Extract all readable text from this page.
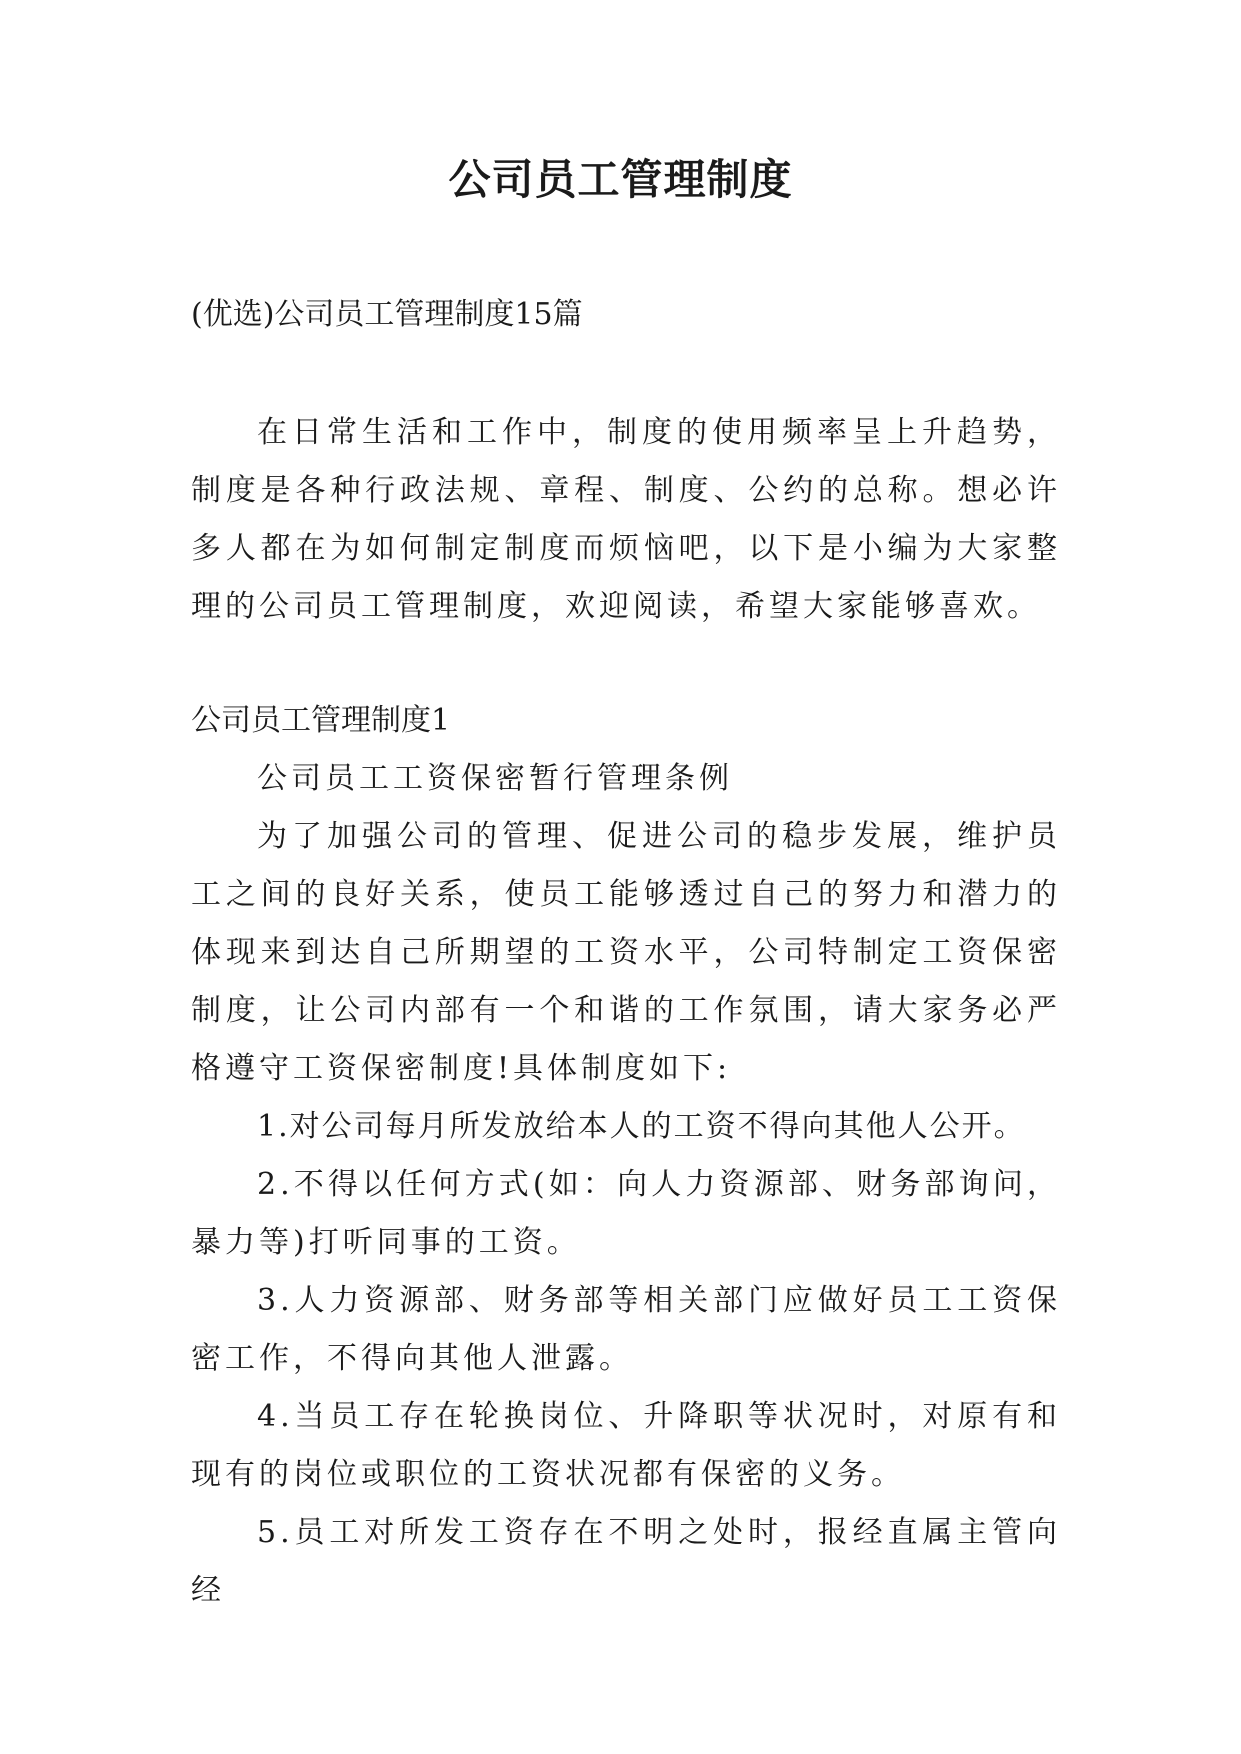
公司员工管理制度
(优选)公司员工管理制度15篇

在日常生活和工作中，制度的使用频率呈上升趋势，制度是各种行政法规、章程、制度、公约的总称。想必许多人都在为如何制定制度而烦恼吧，以下是小编为大家整理的公司员工管理制度，欢迎阅读，希望大家能够喜欢。

公司员工管理制度1

公司员工工资保密暂行管理条例

为了加强公司的管理、促进公司的稳步发展，维护员工之间的良好关系，使员工能够透过自己的努力和潜力的体现来到达自己所期望的工资水平，公司特制定工资保密制度，让公司内部有一个和谐的工作氛围，请大家务必严格遵守工资保密制度!具体制度如下:

1.对公司每月所发放给本人的工资不得向其他人公开。

2.不得以任何方式(如：向人力资源部、财务部询问，暴力等)打听同事的工资。

3.人力资源部、财务部等相关部门应做好员工工资保密工作，不得向其他人泄露。

4.当员工存在轮换岗位、升降职等状况时，对原有和现有的岗位或职位的工资状况都有保密的义务。

5.员工对所发工资存在不明之处时，报经直属主管向经
